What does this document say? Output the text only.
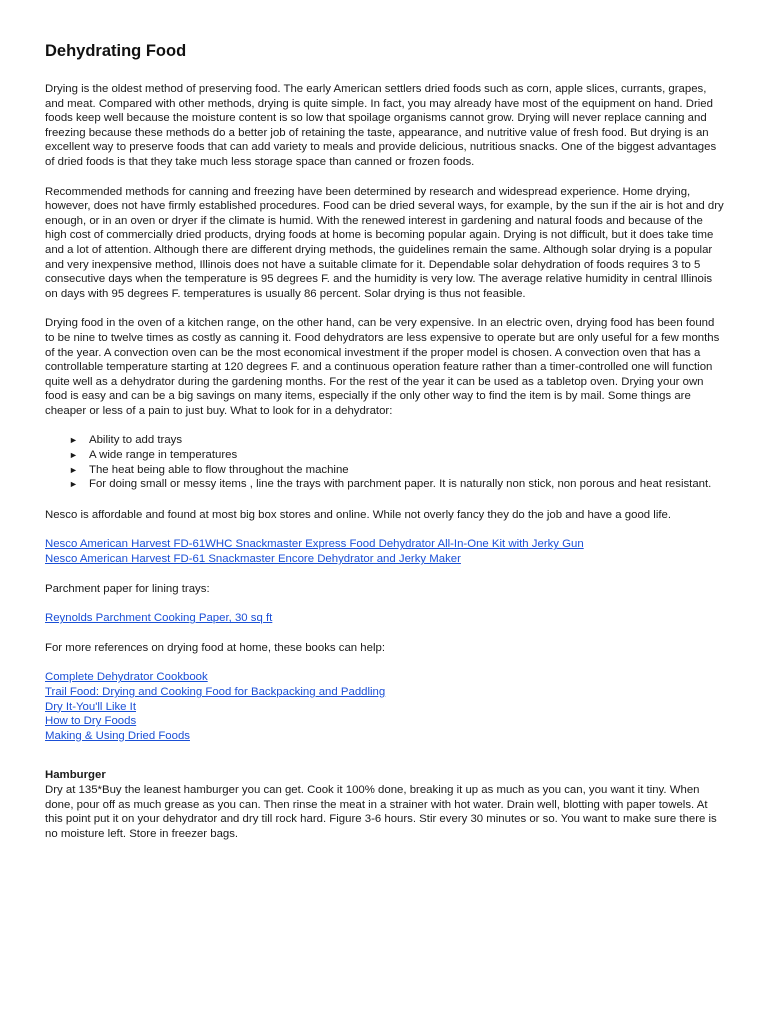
Dehydrating Food

Drying is the oldest method of preserving food. The early American settlers dried foods such as corn, apple slices, currants, grapes, and meat. Compared with other methods, drying is quite simple. In fact, you may already have most of the equipment on hand. Dried foods keep well because the moisture content is so low that spoilage organisms cannot grow. Drying will never replace canning and freezing because these methods do a better job of retaining the taste, appearance, and nutritive value of fresh food. But drying is an excellent way to preserve foods that can add variety to meals and provide delicious, nutritious snacks. One of the biggest advantages of dried foods is that they take much less storage space than canned or frozen foods.

Recommended methods for canning and freezing have been determined by research and widespread experience. Home drying, however, does not have firmly established procedures. Food can be dried several ways, for example, by the sun if the air is hot and dry enough, or in an oven or dryer if the climate is humid. With the renewed interest in gardening and natural foods and because of the high cost of commercially dried products, drying foods at home is becoming popular again. Drying is not difficult, but it does take time and a lot of attention. Although there are different drying methods, the guidelines remain the same. Although solar drying is a popular and very inexpensive method, Illinois does not have a suitable climate for it. Dependable solar dehydration of foods requires 3 to 5 consecutive days when the temperature is 95 degrees F. and the humidity is very low. The average relative humidity in central Illinois on days with 95 degrees F. temperatures is usually 86 percent. Solar drying is thus not feasible.

Drying food in the oven of a kitchen range, on the other hand, can be very expensive. In an electric oven, drying food has been found to be nine to twelve times as costly as canning it. Food dehydrators are less expensive to operate but are only useful for a few months of the year. A convection oven can be the most economical investment if the proper model is chosen. A convection oven that has a controllable temperature starting at 120 degrees F. and a continuous operation feature rather than a timer-controlled one will function quite well as a dehydrator during the gardening months. For the rest of the year it can be used as a tabletop oven. Drying your own food is easy and can be a big savings on many items, especially if the only other way to find the item is by mail. Some things are cheaper or less of a pain to just buy. What to look for in a dehydrator:

► Ability to add trays
► A wide range in temperatures
► The heat being able to flow throughout the machine
► For doing small or messy items , line the trays with parchment paper. It is naturally non stick, non porous and heat resistant.

Nesco is affordable and found at most big box stores and online. While not overly fancy they do the job and have a good life.

Nesco American Harvest FD-61WHC Snackmaster Express Food Dehydrator All-In-One Kit with Jerky Gun
Nesco American Harvest FD-61 Snackmaster Encore Dehydrator and Jerky Maker

Parchment paper for lining trays:

Reynolds Parchment Cooking Paper, 30 sq ft

For more references on drying food at home, these books can help:

Complete Dehydrator Cookbook
Trail Food: Drying and Cooking Food for Backpacking and Paddling
Dry It-You'll Like It
How to Dry Foods
Making & Using Dried Foods
Hamburger

Dry at 135*Buy the leanest hamburger you can get. Cook it 100% done, breaking it up as much as you can, you want it tiny. When done, pour off as much grease as you can. Then rinse the meat in a strainer with hot water. Drain well, blotting with paper towels. At this point put it on your dehydrator and dry till rock hard. Figure 3-6 hours. Stir every 30 minutes or so. You want to make sure there is no moisture left. Store in freezer bags.
